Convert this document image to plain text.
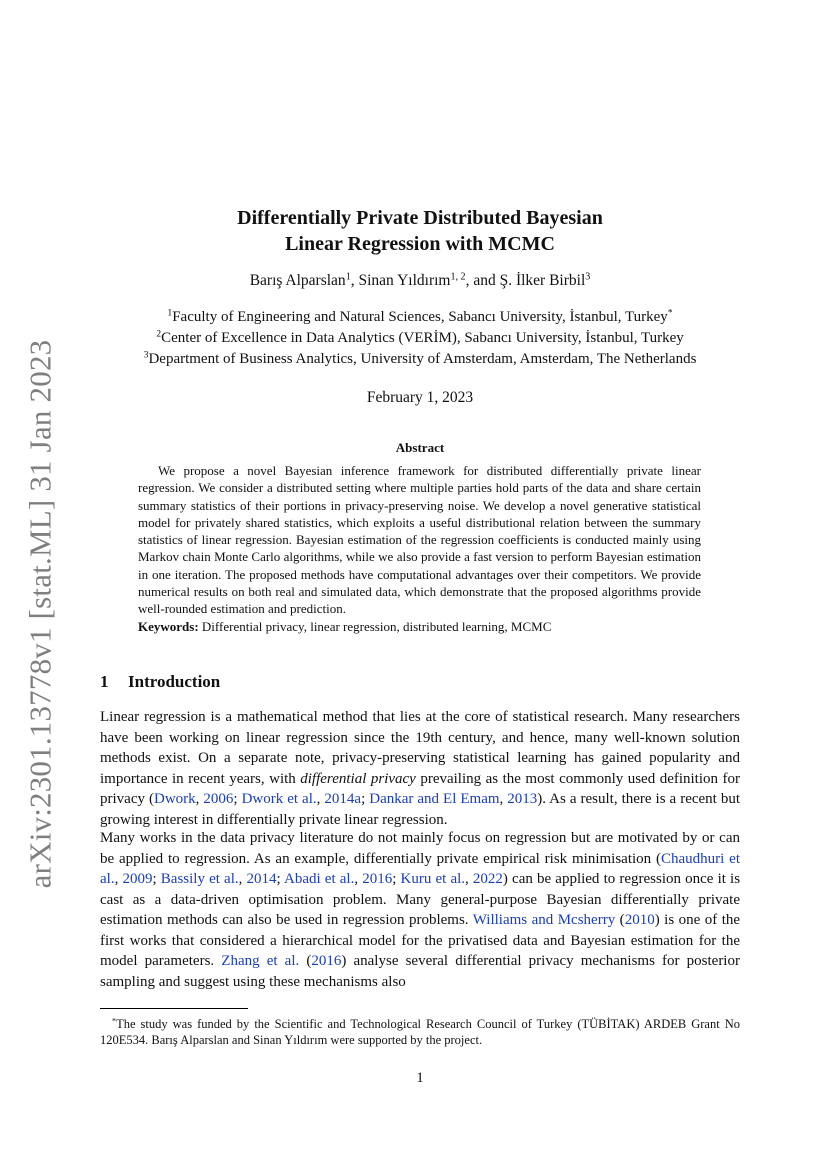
arXiv:2301.13778v1 [stat.ML] 31 Jan 2023
Differentially Private Distributed Bayesian
Linear Regression with MCMC
Barış Alparslan$^1$, Sinan Yıldırım$^{1, 2}$, and Ş. İlker Birbil$^3$
$^1$Faculty of Engineering and Natural Sciences, Sabancı University, İstanbul, Turkey*
$^2$Center of Excellence in Data Analytics (VERİM), Sabancı University, İstanbul, Turkey
$^3$Department of Business Analytics, University of Amsterdam, Amsterdam, The Netherlands
February 1, 2023
Abstract
We propose a novel Bayesian inference framework for distributed differentially private linear regression. We consider a distributed setting where multiple parties hold parts of the data and share certain summary statistics of their portions in privacy-preserving noise. We develop a novel generative statistical model for privately shared statistics, which exploits a useful distributional relation between the summary statistics of linear regression. Bayesian estimation of the regression coefficients is conducted mainly using Markov chain Monte Carlo algorithms, while we also provide a fast version to perform Bayesian estimation in one iteration. The proposed methods have computational advantages over their competitors. We provide numerical results on both real and simulated data, which demonstrate that the proposed algorithms provide well-rounded estimation and prediction.
Keywords: Differential privacy, linear regression, distributed learning, MCMC
1 Introduction
Linear regression is a mathematical method that lies at the core of statistical research. Many researchers have been working on linear regression since the 19th century, and hence, many well-known solution methods exist. On a separate note, privacy-preserving statistical learning has gained popularity and importance in recent years, with differential privacy prevailing as the most commonly used definition for privacy (Dwork, 2006; Dwork et al., 2014a; Dankar and El Emam, 2013). As a result, there is a recent but growing interest in differentially private linear regression.
Many works in the data privacy literature do not mainly focus on regression but are motivated by or can be applied to regression. As an example, differentially private empirical risk minimisation (Chaudhuri et al., 2009; Bassily et al., 2014; Abadi et al., 2016; Kuru et al., 2022) can be applied to regression once it is cast as a data-driven optimisation problem. Many general-purpose Bayesian differentially private estimation methods can also be used in regression problems. Williams and Mcsherry (2010) is one of the first works that considered a hierarchical model for the privatised data and Bayesian estimation for the model parameters. Zhang et al. (2016) analyse several differential privacy mechanisms for posterior sampling and suggest using these mechanisms also
*The study was funded by the Scientific and Technological Research Council of Turkey (TÜBİTAK) ARDEB Grant No 120E534. Barış Alparslan and Sinan Yıldırım were supported by the project.
1
